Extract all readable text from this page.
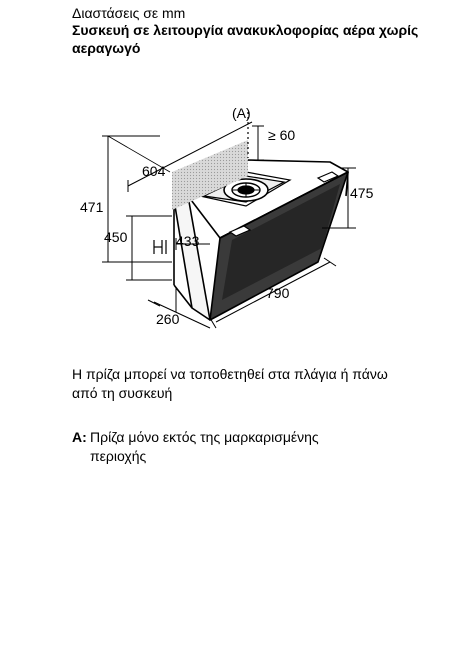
Διαστάσεις σε mm
Συσκευή σε λειτουργία ανακυκλοφορίας αέρα χωρίς αεραγωγό
(A)
≥ 60
604
471
475
450	433
790
260
Η πρίζα μπορεί να τοποθετηθεί στα πλάγια ή πάνω από τη συσκευή
A: Πρίζα μόνο εκτός της μαρκαρισμένης περιοχής
